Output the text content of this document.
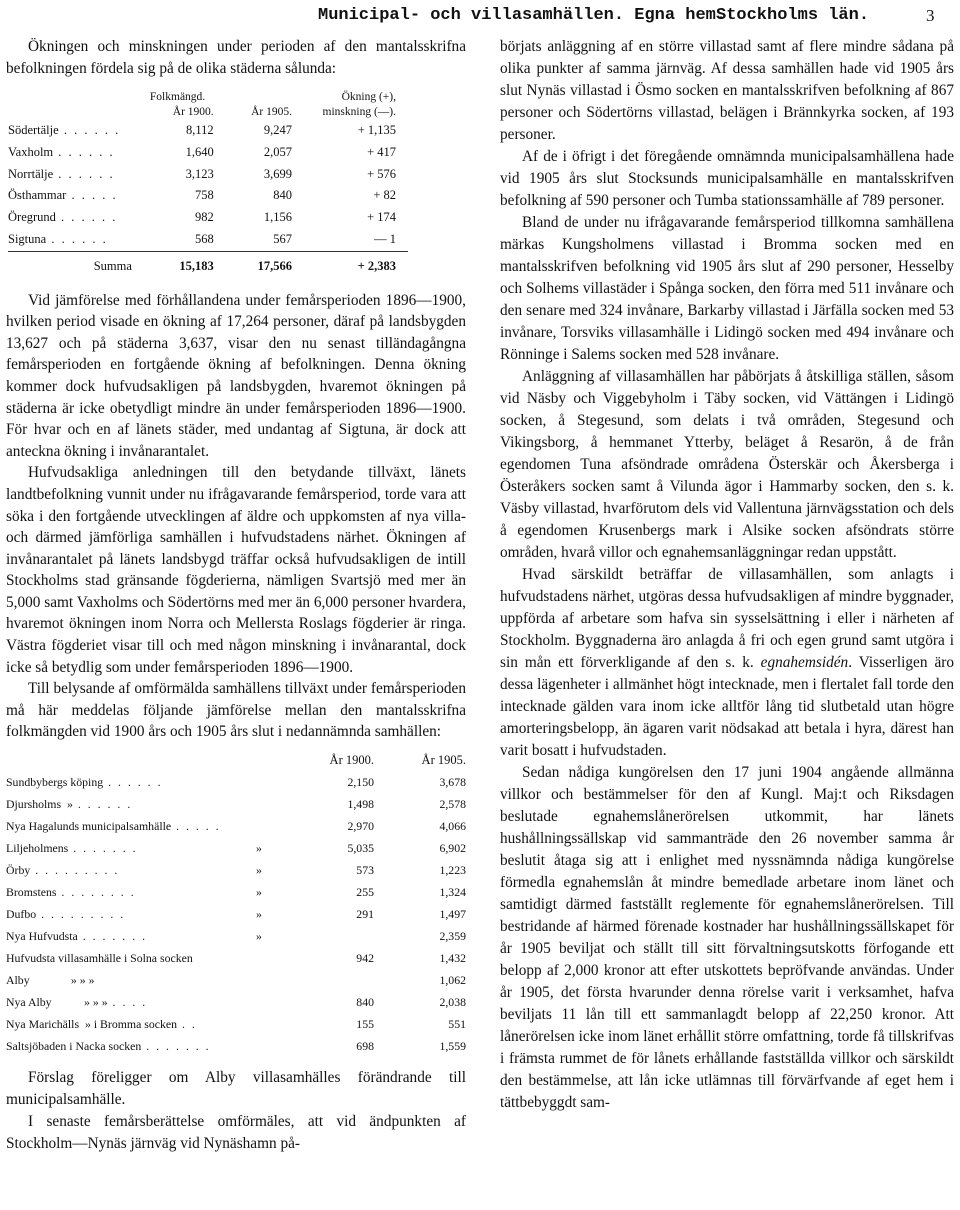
Municipal- och villasamhällen. Egna hem.
Stockholms län.	3

Ökningen och minskningen under perioden af den mantalsskrifna befolkningen fördela sig på de olika städerna sålunda:

	Folkmängd.		Ökning (+),
	År 1900.	År 1905.	minskning (—).
Södertälje . . . . . .	8,112	9,247	+ 1,135
Vaxholm . . . . . .	1,640	2,057	+ 417
Norrtälje . . . . . .	3,123	3,699	+ 576
Östhammar . . . . .	758	840	+ 82
Öregrund . . . . . .	982	1,156	+ 174
Sigtuna . . . . . .	568	567	— 1
Summa	15,183	17,566	+ 2,383

Vid jämförelse med förhållandena under femårsperioden 1896—1900, hvilken period visade en ökning af 17,264 personer, däraf på landsbygden 13,627 och på städerna 3,637, visar den nu senast tilländagångna femårsperioden en fortgående ökning af befolkningen. Denna ökning kommer dock hufvudsakligen på landsbygden, hvaremot ökningen på städerna är icke obetydligt mindre än under femårsperioden 1896—1900. För hvar och en af länets städer, med undantag af Sigtuna, är dock att anteckna ökning i invånarantalet.

Hufvudsakliga anledningen till den betydande tillväxt, länets landtbefolkning vunnit under nu ifrågavarande femårsperiod, torde vara att söka i den fortgående utvecklingen af äldre och uppkomsten af nya villa- och därmed jämförliga samhällen i hufvudstadens närhet. Ökningen af invånarantalet på länets landsbygd träffar också hufvudsakligen de intill Stockholms stad gränsande fögderierna, nämligen Svartsjö med mer än 5,000 samt Vaxholms och Södertörns med mer än 6,000 personer hvardera, hvaremot ökningen inom Norra och Mellersta Roslags fögderier är ringa. Västra fögderiet visar till och med någon minskning i invånarantal, dock icke så betydlig som under femårsperioden 1896—1900.

Till belysande af omförmälda samhällens tillväxt under femårsperioden må här meddelas följande jämförelse mellan den mantalsskrifna folkmängden vid 1900 års och 1905 års slut i nedannämnda samhällen:

		År 1900.	År 1905.
Sundbybergs köping . . . . . .		2,150	3,678
Djursholms » . . . . . .		1,498	2,578
Nya Hagalunds municipalsamhälle . . . . .		2,970	4,066
Liljeholmens . . . . . . .	»	5,035	6,902
Örby . . . . . . . . .	»	573	1,223
Bromstens . . . . . . . .	»	255	1,324
Dufbo . . . . . . . . .	»	291	1,497
Nya Hufvudsta . . . . . . .	»		2,359
Hufvudsta villasamhälle i Solna socken		942	1,432
Alby » » »			1,062
Nya Alby » » » . . . .		840	2,038
Nya Marichälls » i Bromma socken . .		155	551
Saltsjöbaden i Nacka socken . . . . . . .		698	1,559

Förslag föreligger om Alby villasamhälles förändrande till municipalsamhälle.

I senaste femårsberättelse omförmäles, att vid ändpunkten af Stockholm—Nynäs järnväg vid Nynäshamn på-

börjats anläggning af en större villastad samt af flere mindre sådana på olika punkter af samma järnväg. Af dessa samhällen hade vid 1905 års slut Nynäs villastad i Ösmo socken en mantalsskrifven befolkning af 867 personer och Södertörns villastad, belägen i Brännkyrka socken, af 193 personer.

Af de i öfrigt i det föregående omnämnda municipalsamhällena hade vid 1905 års slut Stocksunds municipalsamhälle en mantalsskrifven befolkning af 590 personer och Tumba stationssamhälle af 789 personer.

Bland de under nu ifrågavarande femårsperiod tillkomna samhällena märkas Kungsholmens villastad i Bromma socken med en mantalsskrifven befolkning vid 1905 års slut af 290 personer, Hesselby och Solhems villastäder i Spånga socken, den förra med 511 invånare och den senare med 324 invånare, Barkarby villastad i Järfälla socken med 53 invånare, Torsviks villasamhälle i Lidingö socken med 494 invånare och Rönninge i Salems socken med 528 invånare.

Anläggning af villasamhällen har påbörjats å åtskilliga ställen, såsom vid Näsby och Viggebyholm i Täby socken, vid Vättängen i Lidingö socken, å Stegesund, som delats i två områden, Stegesund och Vikingsborg, å hemmanet Ytterby, beläget å Resarön, å de från egendomen Tuna afsöndrade områdena Österskär och Åkersberga i Österåkers socken samt å Vilunda ägor i Hammarby socken, den s. k. Väsby villastad, hvarförutom dels vid Vallentuna järnvägsstation och dels å egendomen Krusenbergs mark i Alsike socken afsöndrats större områden, hvarå villor och egnahemsanläggningar redan uppstått.

Hvad särskildt beträffar de villasamhällen, som anlagts i hufvudstadens närhet, utgöras dessa hufvudsakligen af mindre byggnader, uppförda af arbetare som hafva sin sysselsättning i eller i närheten af Stockholm. Byggnaderna äro anlagda å fri och egen grund samt utgöra i sin mån ett förverkligande af den s. k. egnahemsidén. Visserligen äro dessa lägenheter i allmänhet högt intecknade, men i flertalet fall torde den intecknade gälden vara inom icke alltför lång tid slutbetald utan högre amorteringsbelopp, än ägaren varit nödsakad att betala i hyra, därest han varit bosatt i hufvudstaden.

Sedan nådiga kungörelsen den 17 juni 1904 angående allmänna villkor och bestämmelser för den af Kungl. Maj:t och Riksdagen beslutade egnahemslånerörelsen utkommit, har länets hushållningssällskap vid sammanträde den 26 november samma år beslutit åtaga sig att i enlighet med nyssnämnda nådiga kungörelse förmedla egnahemslån åt mindre bemedlade arbetare inom länet och samtidigt därmed fastställt reglemente för egnahemslånerörelsen. Till bestridande af härmed förenade kostnader har hushållningssällskapet för år 1905 beviljat och ställt till sitt förvaltningsutskotts förfogande ett belopp af 2,000 kronor att efter utskottets bepröfvande användas. Under år 1905, det första hvarunder denna rörelse varit i verksamhet, hafva beviljats 11 lån till ett sammanlagdt belopp af 22,250 kronor. Att lånerörelsen icke inom länet erhållit större omfattning, torde få tillskrifvas i främsta rummet de för lånets erhållande fastställda villkor och särskildt den bestämmelse, att lån icke utlämnas till förvärfvande af eget hem i tättbebyggdt sam-
